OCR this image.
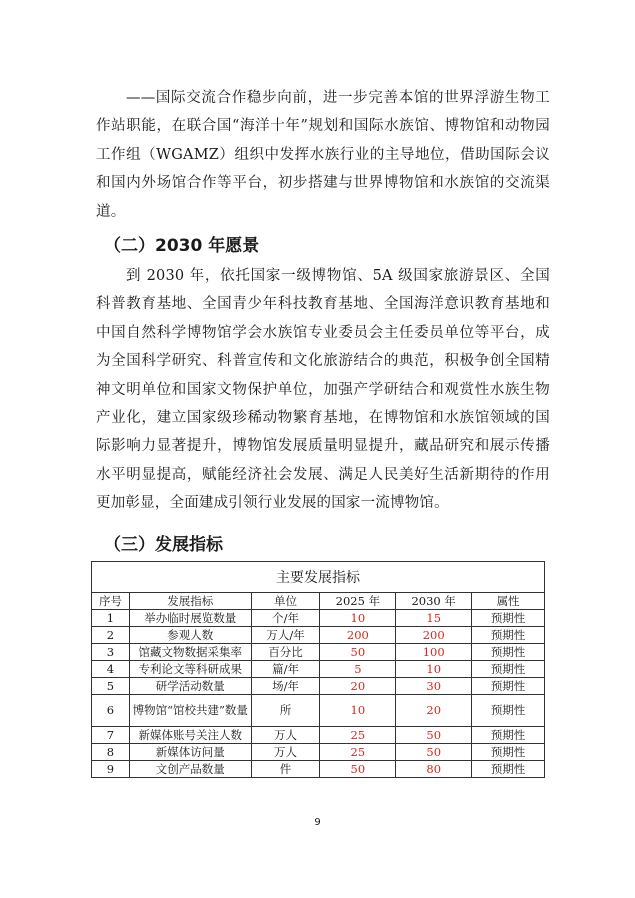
——国际交流合作稳步向前，进一步完善本馆的世界浮游生物工作站职能，在联合国“海洋十年”规划和国际水族馆、博物馆和动物园工作组（WGAMZ）组织中发挥水族行业的主导地位，借助国际会议和国内外场馆合作等平台，初步搭建与世界博物馆和水族馆的交流渠道。

（二）2030 年愿景

到 2030 年，依托国家一级博物馆、5A 级国家旅游景区、全国科普教育基地、全国青少年科技教育基地、全国海洋意识教育基地和中国自然科学博物馆学会水族馆专业委员会主任委员单位等平台，成为全国科学研究、科普宣传和文化旅游结合的典范，积极争创全国精神文明单位和国家文物保护单位，加强产学研结合和观赏性水族生物产业化，建立国家级珍稀动物繁育基地，在博物馆和水族馆领域的国际影响力显著提升，博物馆发展质量明显提升，藏品研究和展示传播水平明显提高，赋能经济社会发展、满足人民美好生活新期待的作用更加彰显，全面建成引领行业发展的国家一流博物馆。

（三）发展指标
主要发展指标					
序号	发展指标	单位	2025 年	2030 年	属性
1	举办临时展览数量	个/年	10	15	预期性
2	参观人数	万人/年	200	200	预期性
3	馆藏文物数据采集率	百分比	50	100	预期性
4	专利论文等科研成果	篇/年	5	10	预期性
5	研学活动数量	场/年	20	30	预期性
6	博物馆“馆校共建”数量	所	10	20	预期性
7	新媒体账号关注人数	万人	25	50	预期性
8	新媒体访问量	万人	25	50	预期性
9	文创产品数量	件	50	80	预期性
9
